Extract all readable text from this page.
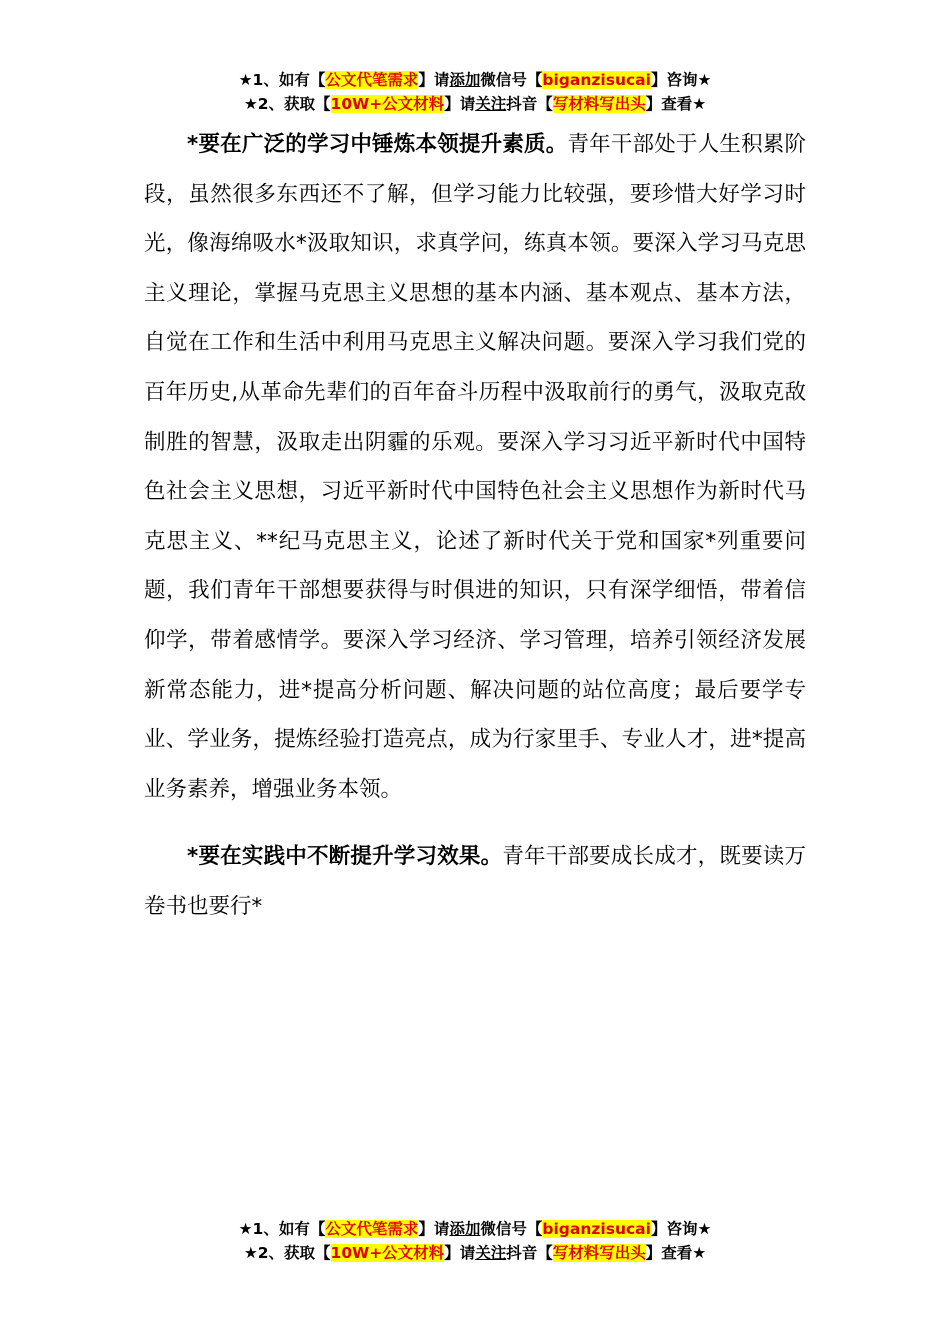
★1、如有【公文代笔需求】请添加微信号【biganzisucai】咨询★
★2、获取【10W+公文材料】请关注抖音【写材料写出头】查看★

*要在广泛的学习中锤炼本领提升素质。青年干部处于人生积累阶段，虽然很多东西还不了解，但学习能力比较强，要珍惜大好学习时光，像海绵吸水*汲取知识，求真学问，练真本领。要深入学习马克思主义理论，掌握马克思主义思想的基本内涵、基本观点、基本方法，自觉在工作和生活中利用马克思主义解决问题。要深入学习我们党的百年历史,从革命先辈们的百年奋斗历程中汲取前行的勇气，汲取克敌制胜的智慧，汲取走出阴霾的乐观。要深入学习习近平新时代中国特色社会主义思想，习近平新时代中国特色社会主义思想作为新时代马克思主义、**纪马克思主义，论述了新时代关于党和国家*列重要问题，我们青年干部想要获得与时俱进的知识，只有深学细悟，带着信仰学，带着感情学。要深入学习经济、学习管理，培养引领经济发展新常态能力，进*提高分析问题、解决问题的站位高度；最后要学专业、学业务，提炼经验打造亮点，成为行家里手、专业人才，进*提高业务素养，增强业务本领。

*要在实践中不断提升学习效果。青年干部要成长成才，既要读万卷书也要行*

★1、如有【公文代笔需求】请添加微信号【biganzisucai】咨询★
★2、获取【10W+公文材料】请关注抖音【写材料写出头】查看★
